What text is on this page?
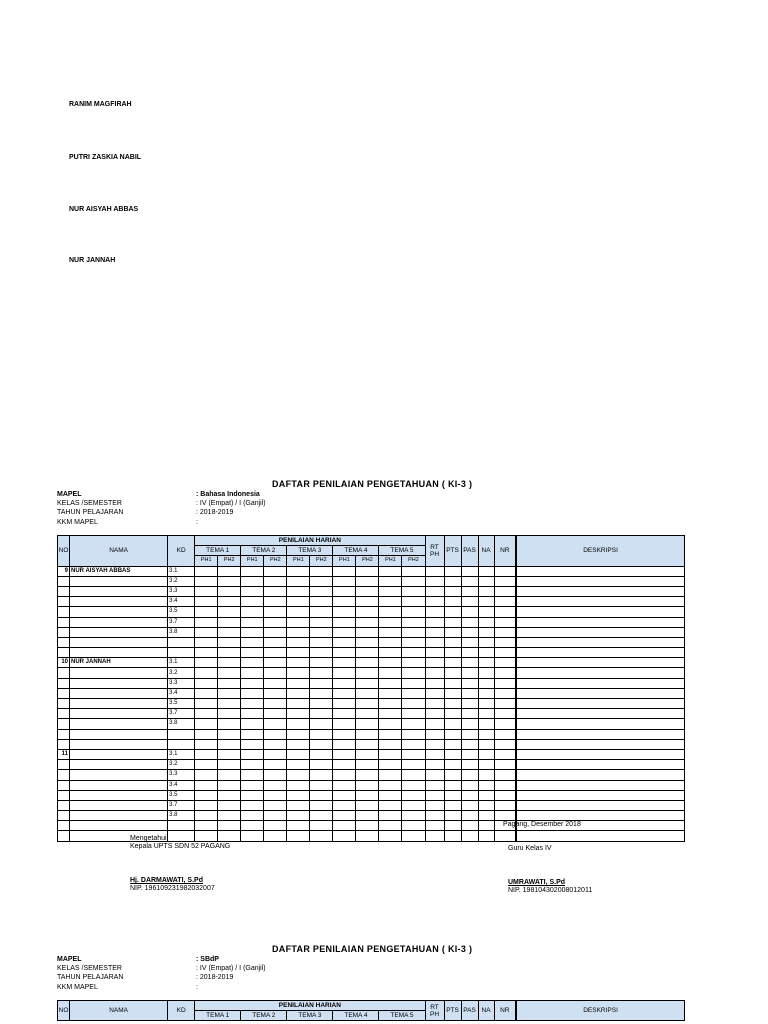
RANIM MAGFIRAH
PUTRI ZASKIA NABIL
NUR AISYAH ABBAS
NUR JANNAH
DAFTAR PENILAIAN PENGETAHUAN ( KI-3 )
MAPEL	: Bahasa Indonesia
KELAS /SEMESTER	: IV (Empat) / I (Ganjil)
TAHUN PELAJARAN	: 2018-2019
KKM MAPEL	:
NO	NAMA	KD	PENILAIAN HARIAN										RT PH	PTS	PAS	NA	NR	DESKRIPSI
			TEMA 1		TEMA 2		TEMA 3		TEMA 4		TEMA 5							
			PH1	PH2	PH1	PH2	PH1	PH2	PH1	PH2	PH1	PH2						
9	NUR AISYAH ABBAS	3.1																
		3.2																
		3.3																
		3.4																
		3.5																
		3.7																
		3.8																

10	NUR JANNAH	3.1																
		3.2																
		3.3																
		3.4																
		3.5																
		3.7																
		3.8																

11		3.1																
		3.2																
		3.3																
		3.4																
		3.5																
		3.7																
		3.8																

Pagang, Desember 2018
Mengetahui
Kepala UPTS SDN 52 PAGANG	Guru Kelas IV
Hj. DARMAWATI, S.Pd
NIP. 196109231982032007
UMRAWATI, S.Pd
NIP. 198104302008012011
DAFTAR PENILAIAN PENGETAHUAN ( KI-3 )
MAPEL	: SBdP
KELAS /SEMESTER	: IV (Empat) / I (Ganjil)
TAHUN PELAJARAN	: 2018-2019
KKM MAPEL	:
NO	NAMA	KD	PENILAIAN HARIAN					RT PH	PTS	PAS	NA	NR	DESKRIPSI
			TEMA 1	TEMA 2	TEMA 3	TEMA 4	TEMA 5						
